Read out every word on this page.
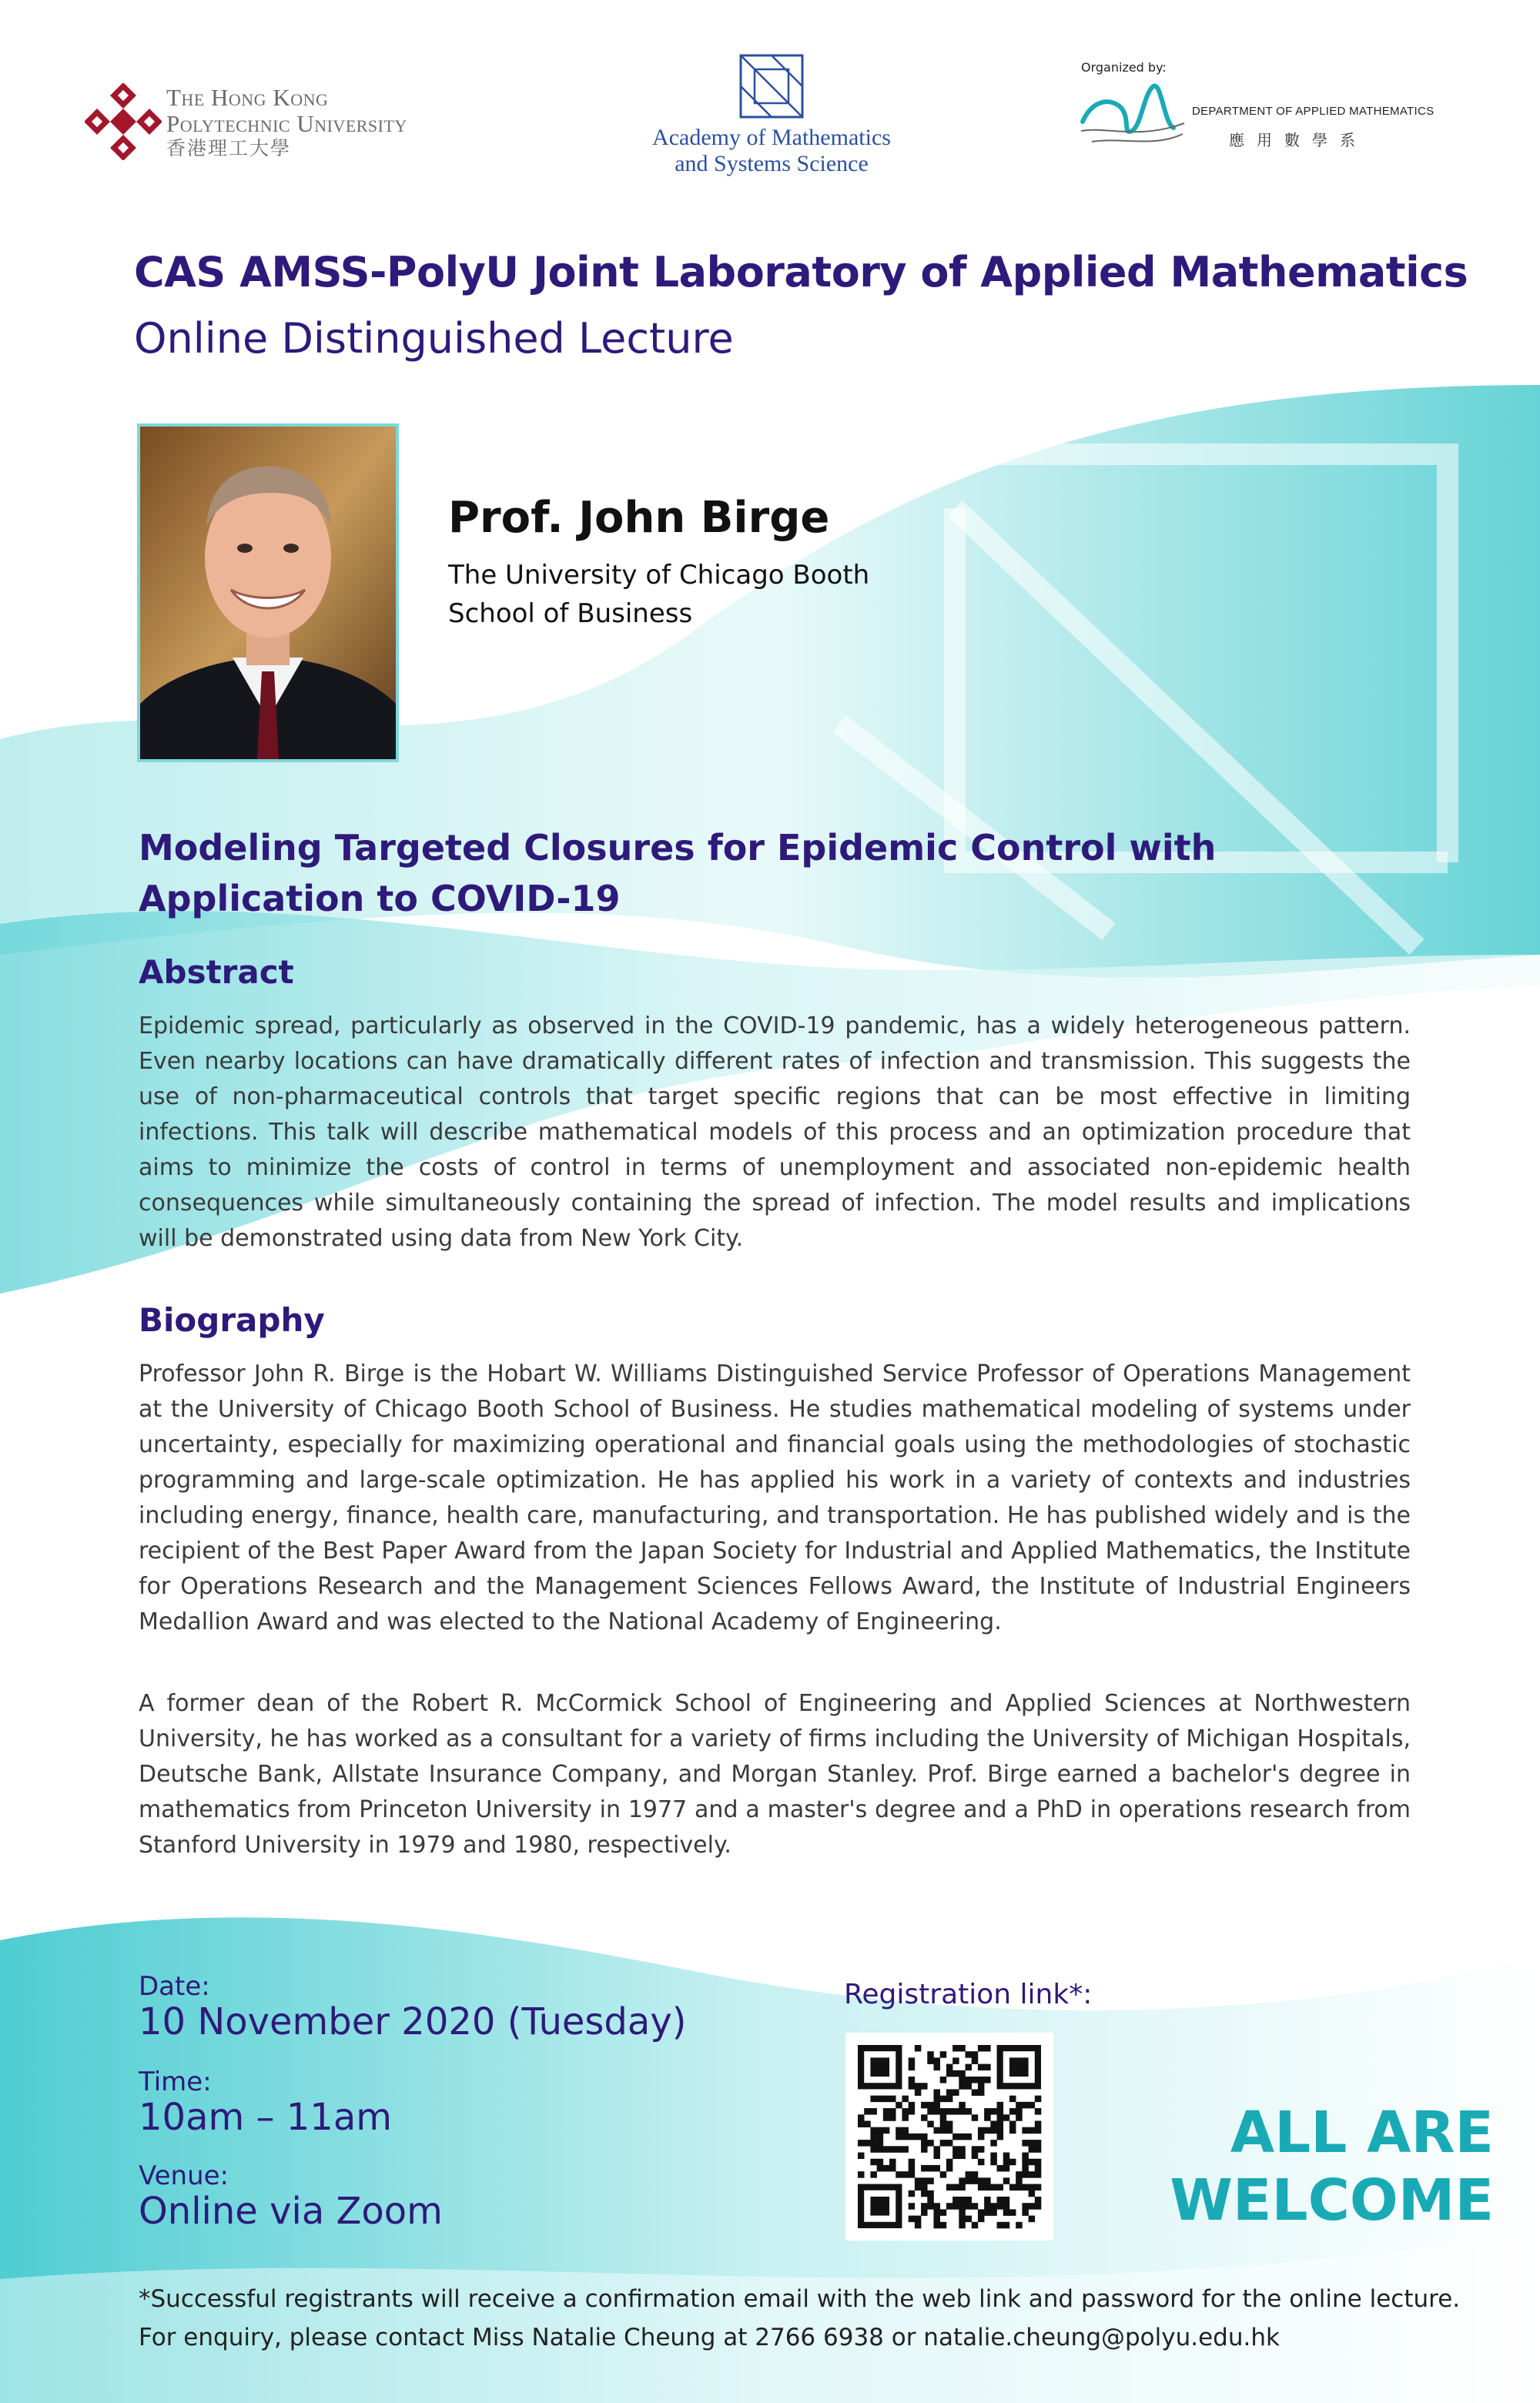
The Hong Kong
Polytechnic University
香港理工大學	Academy of Mathematics
and Systems Science
Organized by:
DEPARTMENT OF APPLIED MATHEMATICS
應用數學系
CAS AMSS-PolyU Joint Laboratory of Applied Mathematics
Online Distinguished Lecture
Prof. John Birge
The University of Chicago Booth
School of Business
Modeling Targeted Closures for Epidemic Control with
Application to COVID-19
Abstract
Epidemic spread, particularly as observed in the COVID-19 pandemic, has a widely heterogeneous pattern. Even nearby locations can have dramatically different rates of infection and transmission. This suggests the use of non-pharmaceutical controls that target specific regions that can be most effective in limiting infections. This talk will describe mathematical models of this process and an optimization procedure that aims to minimize the costs of control in terms of unemployment and associated non-epidemic health consequences while simultaneously containing the spread of infection. The model results and implications will be demonstrated using data from New York City.
Biography
Professor John R. Birge is the Hobart W. Williams Distinguished Service Professor of Operations Management at the University of Chicago Booth School of Business. He studies mathematical modeling of systems under uncertainty, especially for maximizing operational and financial goals using the methodologies of stochastic programming and large-scale optimization. He has applied his work in a variety of contexts and industries including energy, finance, health care, manufacturing, and transportation. He has published widely and is the recipient of the Best Paper Award from the Japan Society for Industrial and Applied Mathematics, the Institute for Operations Research and the Management Sciences Fellows Award, the Institute of Industrial Engineers Medallion Award and was elected to the National Academy of Engineering.
A former dean of the Robert R. McCormick School of Engineering and Applied Sciences at Northwestern University, he has worked as a consultant for a variety of firms including the University of Michigan Hospitals, Deutsche Bank, Allstate Insurance Company, and Morgan Stanley. Prof. Birge earned a bachelor's degree in mathematics from Princeton University in 1977 and a master's degree and a PhD in operations research from Stanford University in 1979 and 1980, respectively.
Date:
10 November 2020 (Tuesday)
Time:
10am – 11am
Venue:
Online via Zoom
Registration link*:
ALL ARE
WELCOME
*Successful registrants will receive a confirmation email with the web link and password for the online lecture.
For enquiry, please contact Miss Natalie Cheung at 2766 6938 or natalie.cheung@polyu.edu.hk
